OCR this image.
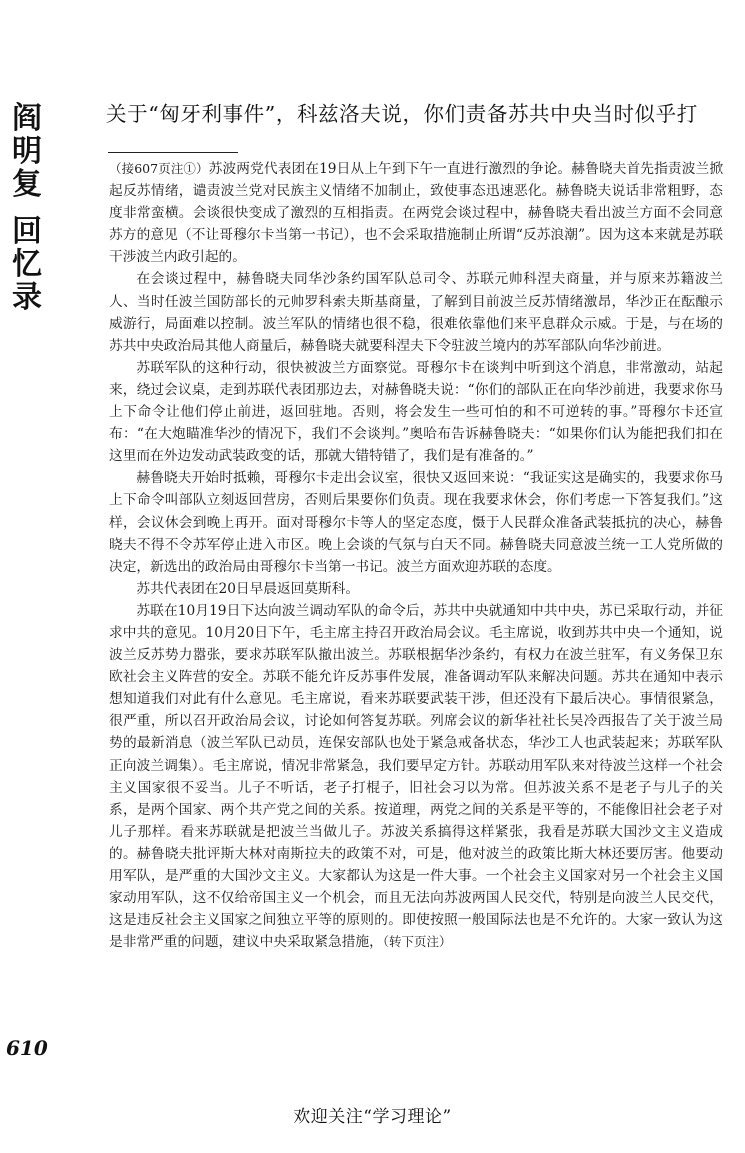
阎
明
复
回
忆
录
关于“匈牙利事件”，科兹洛夫说，你们责备苏共中央当时似乎打

（接607页注①）苏波两党代表团在19日从上午到下午一直进行激烈的争论。赫鲁晓夫首先指责波兰掀起反苏情绪，谴责波兰党对民族主义情绪不加制止，致使事态迅速恶化。赫鲁晓夫说话非常粗野，态度非常蛮横。会谈很快变成了激烈的互相指责。在两党会谈过程中，赫鲁晓夫看出波兰方面不会同意苏方的意见（不让哥穆尔卡当第一书记），也不会采取措施制止所谓“反苏浪潮”。因为这本来就是苏联干涉波兰内政引起的。

在会谈过程中，赫鲁晓夫同华沙条约国军队总司令、苏联元帅科涅夫商量，并与原来苏籍波兰人、当时任波兰国防部长的元帅罗科索夫斯基商量，了解到目前波兰反苏情绪激昂，华沙正在酝酿示威游行，局面难以控制。波兰军队的情绪也很不稳，很难依靠他们来平息群众示威。于是，与在场的苏共中央政治局其他人商量后，赫鲁晓夫就要科涅夫下令驻波兰境内的苏军部队向华沙前进。

苏联军队的这种行动，很快被波兰方面察觉。哥穆尔卡在谈判中听到这个消息，非常激动，站起来，绕过会议桌，走到苏联代表团那边去，对赫鲁晓夫说：“你们的部队正在向华沙前进，我要求你马上下命令让他们停止前进，返回驻地。否则，将会发生一些可怕的和不可逆转的事。”哥穆尔卡还宣布：“在大炮瞄准华沙的情况下，我们不会谈判。”奥哈布告诉赫鲁晓夫：“如果你们认为能把我们扣在这里而在外边发动武装政变的话，那就大错特错了，我们是有准备的。”

赫鲁晓夫开始时抵赖，哥穆尔卡走出会议室，很快又返回来说：“我证实这是确实的，我要求你马上下命令叫部队立刻返回营房，否则后果要你们负责。现在我要求休会，你们考虑一下答复我们。”这样，会议休会到晚上再开。面对哥穆尔卡等人的坚定态度，慑于人民群众准备武装抵抗的决心，赫鲁晓夫不得不令苏军停止进入市区。晚上会谈的气氛与白天不同。赫鲁晓夫同意波兰统一工人党所做的决定，新选出的政治局由哥穆尔卡当第一书记。波兰方面欢迎苏联的态度。

苏共代表团在20日早晨返回莫斯科。

苏联在10月19日下达向波兰调动军队的命令后，苏共中央就通知中共中央，苏已采取行动，并征求中共的意见。10月20日下午，毛主席主持召开政治局会议。毛主席说，收到苏共中央一个通知，说波兰反苏势力嚣张，要求苏联军队撤出波兰。苏联根据华沙条约，有权力在波兰驻军，有义务保卫东欧社会主义阵营的安全。苏联不能允许反苏事件发展，准备调动军队来解决问题。苏共在通知中表示想知道我们对此有什么意见。毛主席说，看来苏联要武装干涉，但还没有下最后决心。事情很紧急，很严重，所以召开政治局会议，讨论如何答复苏联。列席会议的新华社社长吴冷西报告了关于波兰局势的最新消息（波兰军队已动员，连保安部队也处于紧急戒备状态，华沙工人也武装起来；苏联军队正向波兰调集）。毛主席说，情况非常紧急，我们要早定方针。苏联动用军队来对待波兰这样一个社会主义国家很不妥当。儿子不听话，老子打棍子，旧社会习以为常。但苏波关系不是老子与儿子的关系，是两个国家、两个共产党之间的关系。按道理，两党之间的关系是平等的，不能像旧社会老子对儿子那样。看来苏联就是把波兰当做儿子。苏波关系搞得这样紧张，我看是苏联大国沙文主义造成的。赫鲁晓夫批评斯大林对南斯拉夫的政策不对，可是，他对波兰的政策比斯大林还要厉害。他要动用军队，是严重的大国沙文主义。大家都认为这是一件大事。一个社会主义国家对另一个社会主义国家动用军队，这不仅给帝国主义一个机会，而且无法向苏波两国人民交代，特别是向波兰人民交代，这是违反社会主义国家之间独立平等的原则的。即使按照一般国际法也是不允许的。大家一致认为这是非常严重的问题，建议中央采取紧急措施，（转下页注）

610
欢迎关注“学习理论”
